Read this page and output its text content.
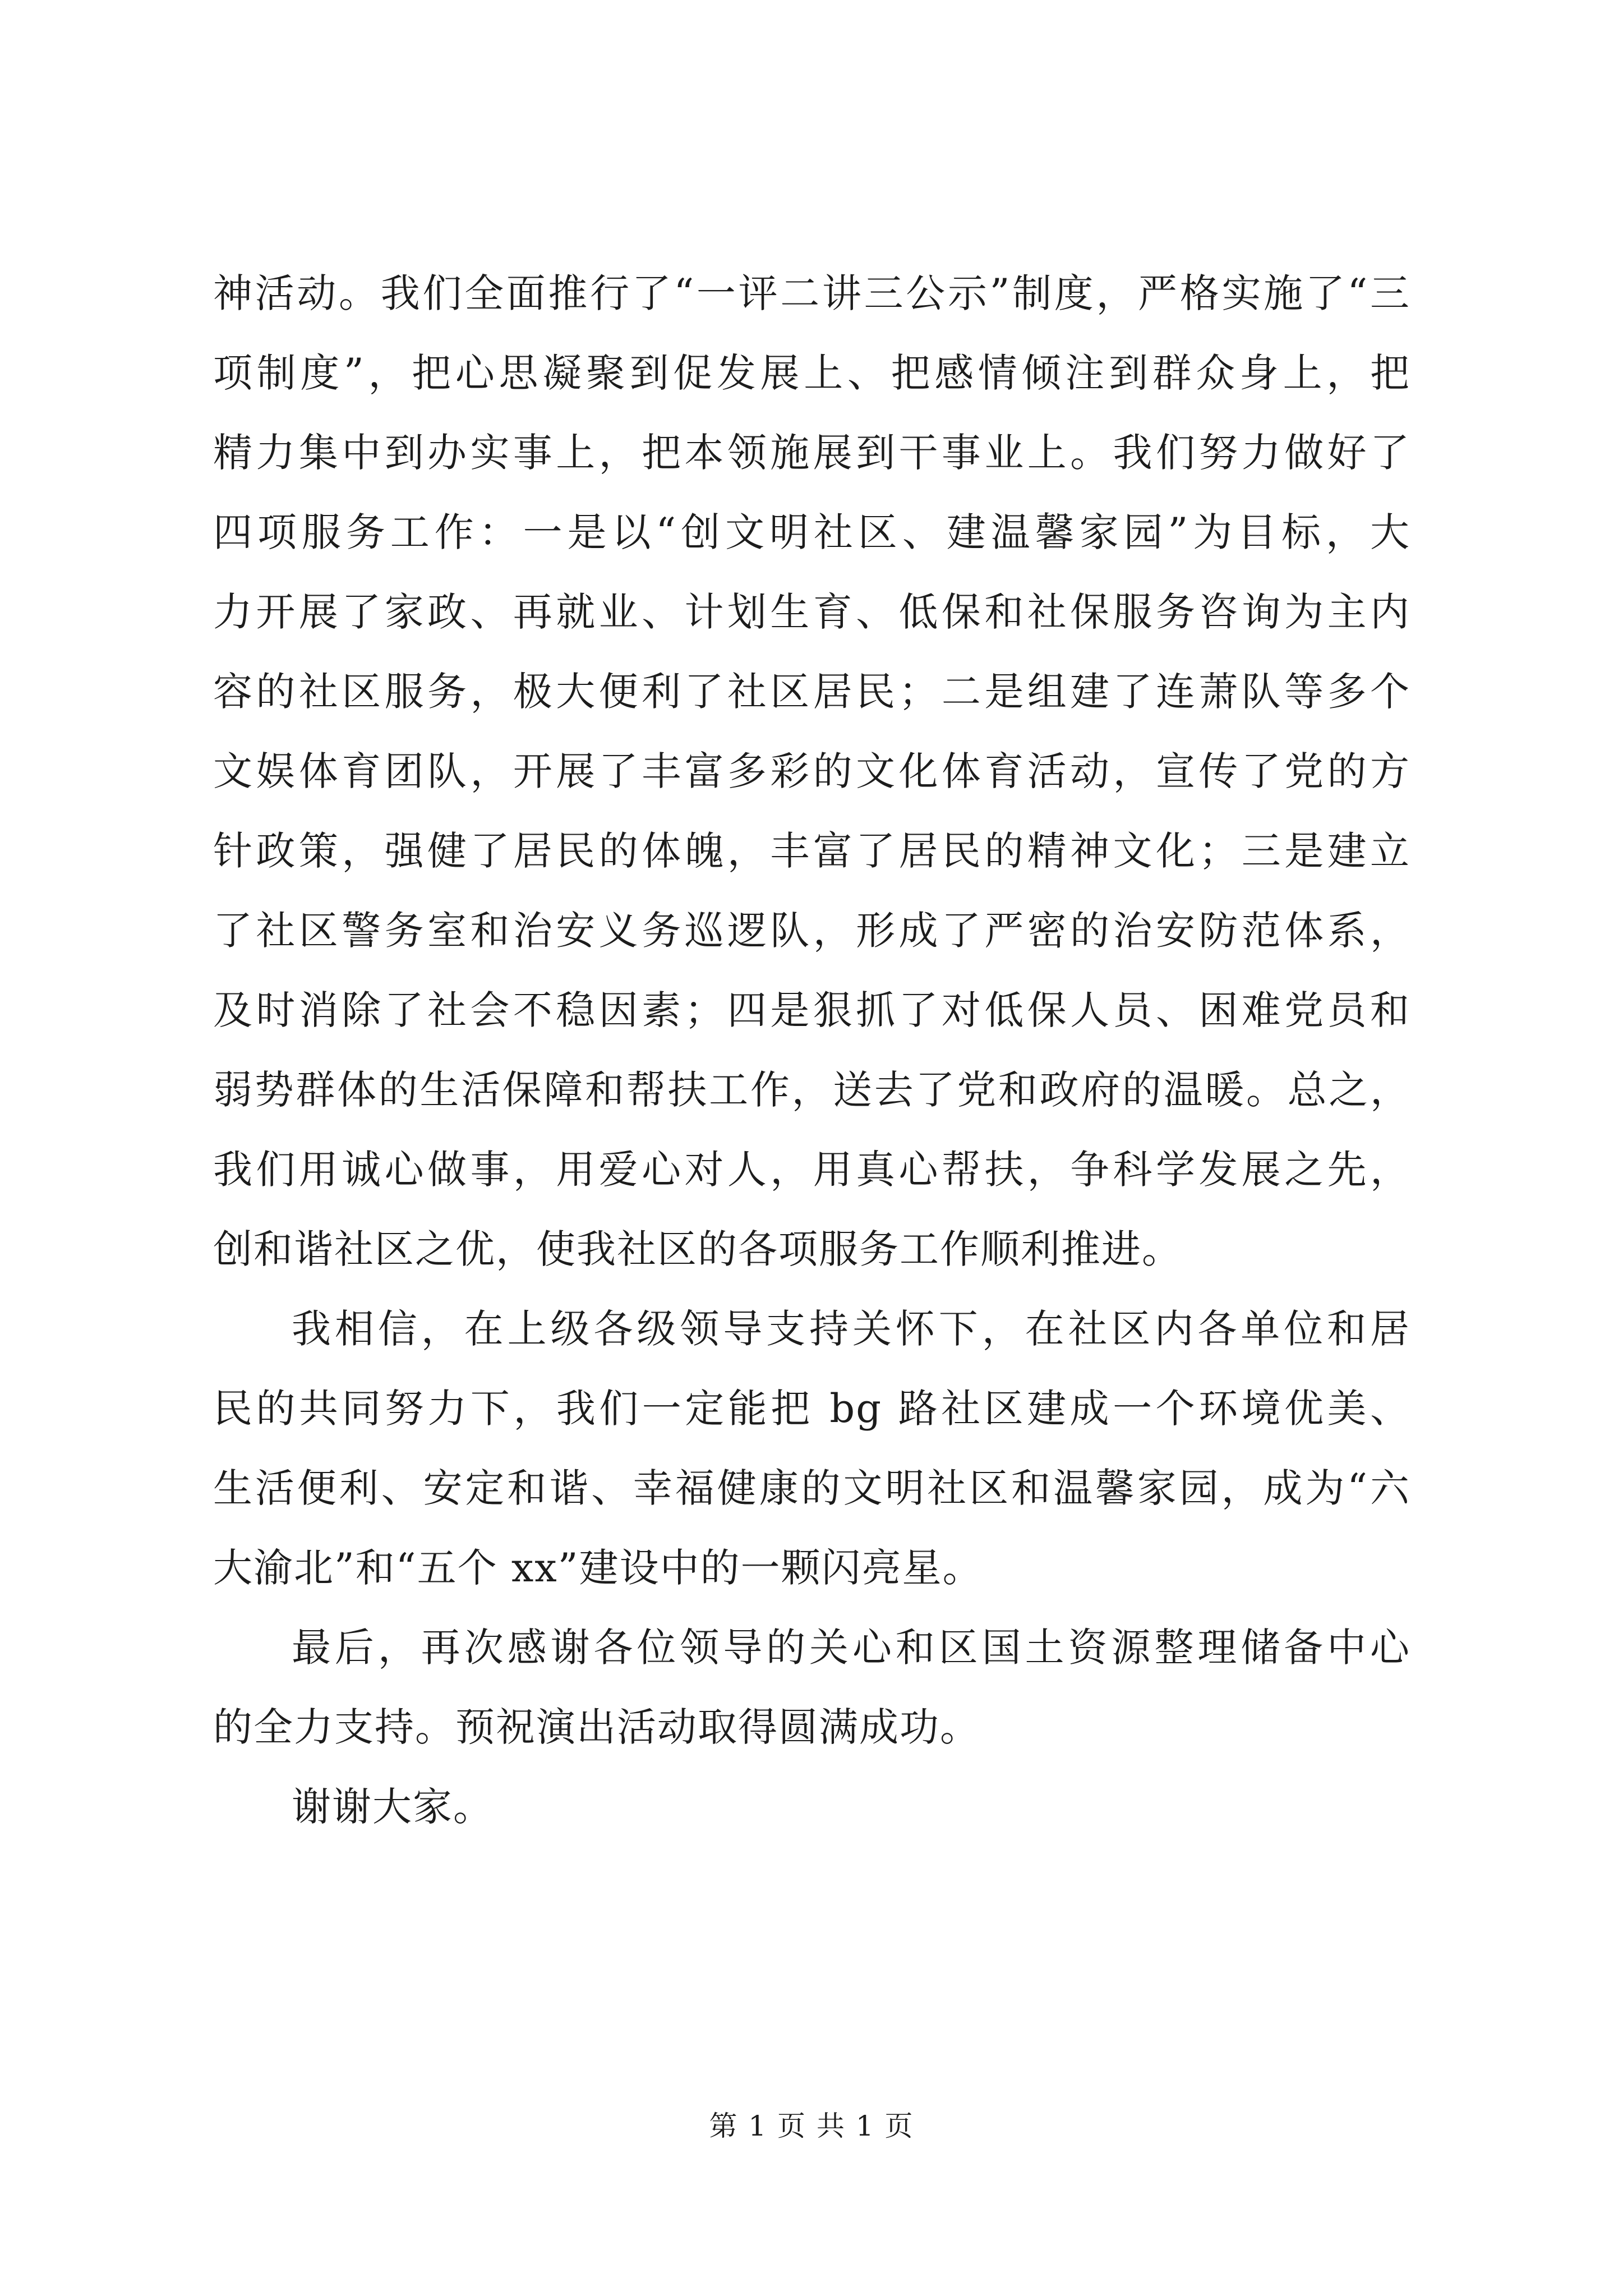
神活动。我们全面推行了“一评二讲三公示”制度，严格实施了“三
项制度”，把心思凝聚到促发展上、把感情倾注到群众身上，把
精力集中到办实事上，把本领施展到干事业上。我们努力做好了
四项服务工作：一是以“创文明社区、建温馨家园”为目标，大
力开展了家政、再就业、计划生育、低保和社保服务咨询为主内
容的社区服务，极大便利了社区居民；二是组建了连萧队等多个
文娱体育团队，开展了丰富多彩的文化体育活动，宣传了党的方
针政策，强健了居民的体魄，丰富了居民的精神文化；三是建立
了社区警务室和治安义务巡逻队，形成了严密的治安防范体系，
及时消除了社会不稳因素；四是狠抓了对低保人员、困难党员和
弱势群体的生活保障和帮扶工作，送去了党和政府的温暖。总之，
我们用诚心做事，用爱心对人，用真心帮扶，争科学发展之先，
创和谐社区之优，使我社区的各项服务工作顺利推进。
我相信，在上级各级领导支持关怀下，在社区内各单位和居
民的共同努力下，我们一定能把 bg 路社区建成一个环境优美、
生活便利、安定和谐、幸福健康的文明社区和温馨家园，成为“六
大渝北”和“五个 xx”建设中的一颗闪亮星。
最后，再次感谢各位领导的关心和区国土资源整理储备中心
的全力支持。预祝演出活动取得圆满成功。
谢谢大家。
第 1 页 共 1 页
